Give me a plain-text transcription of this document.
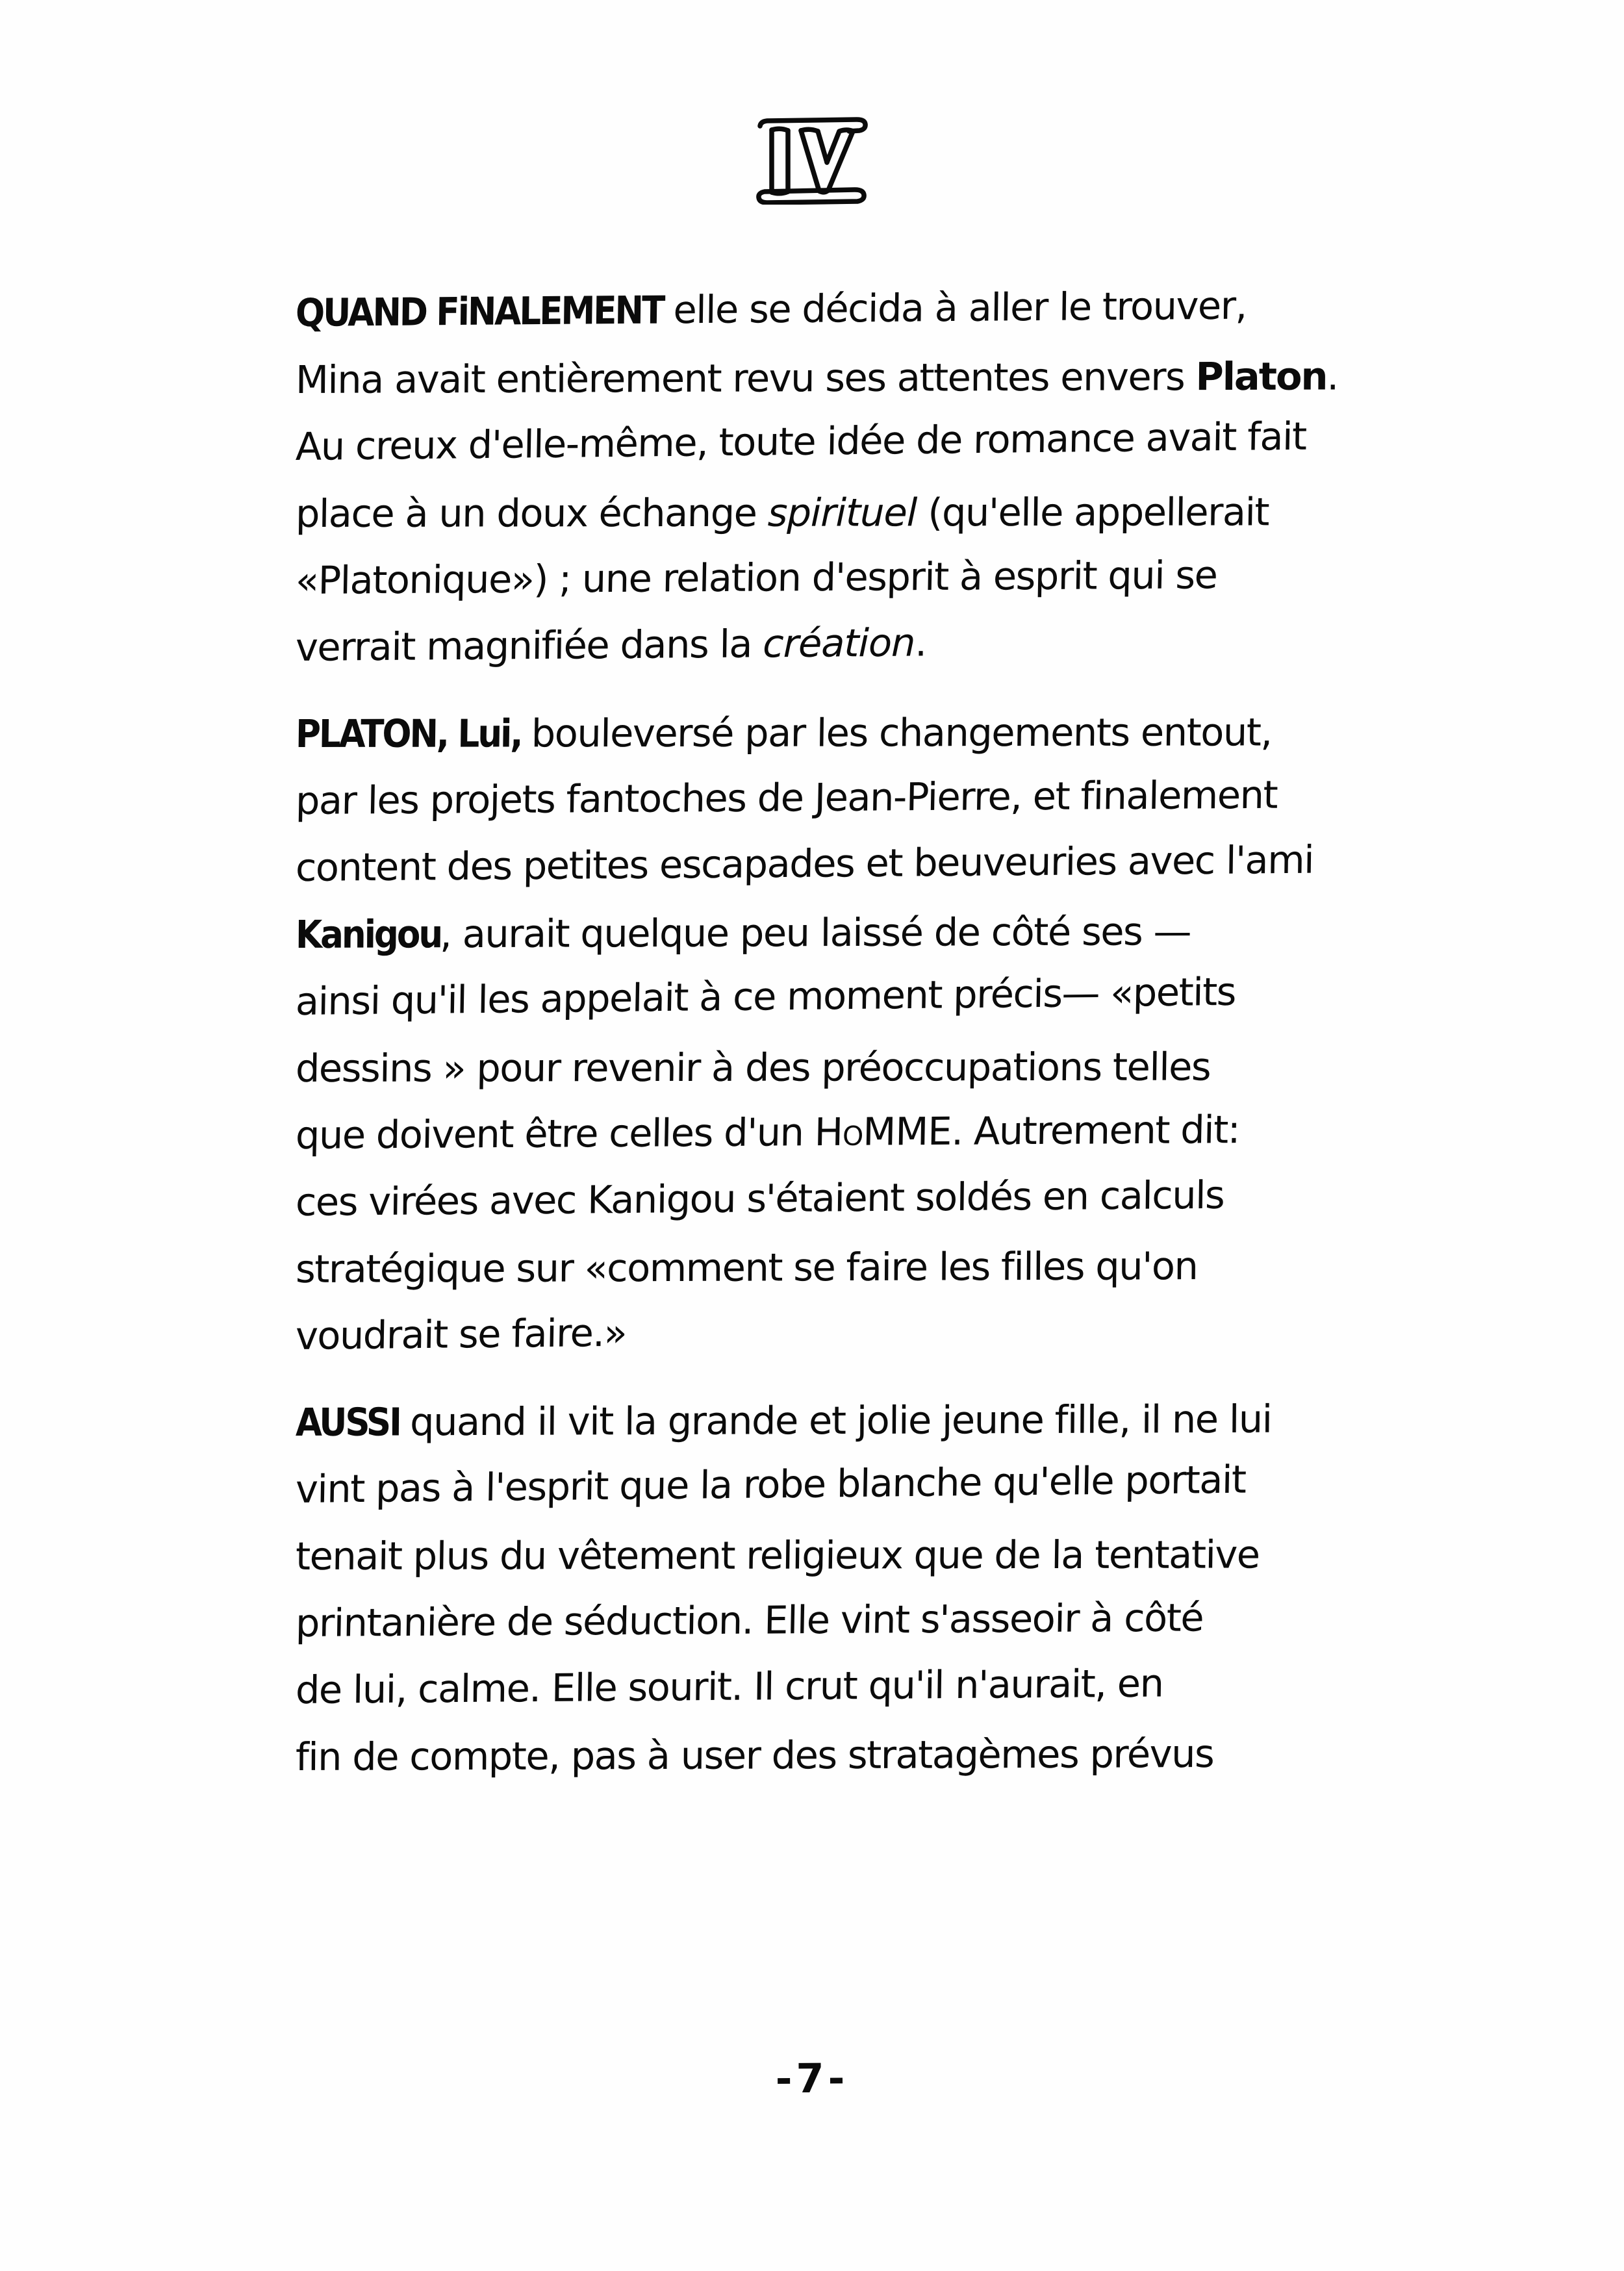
QUAND FiNALEMENT elle se décida à aller le trouver,
Mina avait entièrement revu ses attentes envers Platon.
Au creux d'elle-même, toute idée de romance avait fait
place à un doux échange spirituel (qu'elle appellerait
«Platonique») ; une relation d'esprit à esprit qui se
verrait magnifiée dans la création.

PLATON, Lui, bouleversé par les changements entout,
par les projets fantoches de Jean-Pierre, et finalement
content des petites escapades et beuveuries avec l'ami
Kanigou, aurait quelque peu laissé de côté ses —
ainsi qu'il les appelait à ce moment précis— «petits
dessins » pour revenir à des préoccupations telles
que doivent être celles d'un HoMME. Autrement dit:
ces virées avec Kanigou s'étaient soldés en calculs
stratégique sur «comment se faire les filles qu'on
voudrait se faire.»

AUSSI quand il vit la grande et jolie jeune fille, il ne lui
vint pas à l'esprit que la robe blanche qu'elle portait
tenait plus du vêtement religieux que de la tentative
printanière de séduction. Elle vint s'asseoir à côté
de lui, calme. Elle sourit. Il crut qu'il n'aurait, en
fin de compte, pas à user des stratagèmes prévus

-7-
